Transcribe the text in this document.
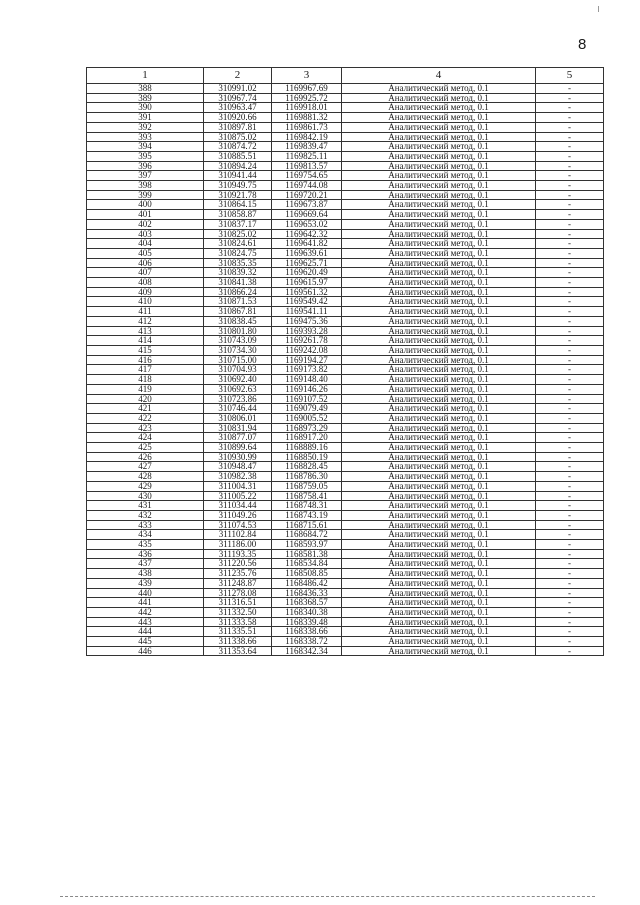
8
1	2	3	4	5
388	310991.02	1169967.69	Аналитический метод, 0.1	-
389	310967.74	1169925.72	Аналитический метод, 0.1	-
390	310963.47	1169918.01	Аналитический метод, 0.1	-
391	310920.66	1169881.32	Аналитический метод, 0.1	-
392	310897.81	1169861.73	Аналитический метод, 0.1	-
393	310875.02	1169842.19	Аналитический метод, 0.1	-
394	310874.72	1169839.47	Аналитический метод, 0.1	-
395	310885.51	1169825.11	Аналитический метод, 0.1	-
396	310894.24	1169813.57	Аналитический метод, 0.1	-
397	310941.44	1169754.65	Аналитический метод, 0.1	-
398	310949.75	1169744.08	Аналитический метод, 0.1	-
399	310921.78	1169720.21	Аналитический метод, 0.1	-
400	310864.15	1169673.87	Аналитический метод, 0.1	-
401	310858.87	1169669.64	Аналитический метод, 0.1	-
402	310837.17	1169653.02	Аналитический метод, 0.1	-
403	310825.02	1169642.32	Аналитический метод, 0.1	-
404	310824.61	1169641.82	Аналитический метод, 0.1	-
405	310824.75	1169639.61	Аналитический метод, 0.1	-
406	310835.35	1169625.71	Аналитический метод, 0.1	-
407	310839.32	1169620.49	Аналитический метод, 0.1	-
408	310841.38	1169615.97	Аналитический метод, 0.1	-
409	310866.24	1169561.32	Аналитический метод, 0.1	-
410	310871.53	1169549.42	Аналитический метод, 0.1	-
411	310867.81	1169541.11	Аналитический метод, 0.1	-
412	310838.45	1169475.36	Аналитический метод, 0.1	-
413	310801.80	1169393.28	Аналитический метод, 0.1	-
414	310743.09	1169261.78	Аналитический метод, 0.1	-
415	310734.30	1169242.08	Аналитический метод, 0.1	-
416	310715.00	1169194.27	Аналитический метод, 0.1	-
417	310704.93	1169173.82	Аналитический метод, 0.1	-
418	310692.40	1169148.40	Аналитический метод, 0.1	-
419	310692.63	1169146.26	Аналитический метод, 0.1	-
420	310723.86	1169107.52	Аналитический метод, 0.1	-
421	310746.44	1169079.49	Аналитический метод, 0.1	-
422	310806.01	1169005.52	Аналитический метод, 0.1	-
423	310831.94	1168973.29	Аналитический метод, 0.1	-
424	310877.07	1168917.20	Аналитический метод, 0.1	-
425	310899.64	1168889.16	Аналитический метод, 0.1	-
426	310930.99	1168850.19	Аналитический метод, 0.1	-
427	310948.47	1168828.45	Аналитический метод, 0.1	-
428	310982.38	1168786.30	Аналитический метод, 0.1	-
429	311004.31	1168759.05	Аналитический метод, 0.1	-
430	311005.22	1168758.41	Аналитический метод, 0.1	-
431	311034.44	1168748.31	Аналитический метод, 0.1	-
432	311049.26	1168743.19	Аналитический метод, 0.1	-
433	311074.53	1168715.61	Аналитический метод, 0.1	-
434	311102.84	1168684.72	Аналитический метод, 0.1	-
435	311186.00	1168593.97	Аналитический метод, 0.1	-
436	311193.35	1168581.38	Аналитический метод, 0.1	-
437	311220.56	1168534.84	Аналитический метод, 0.1	-
438	311235.76	1168508.85	Аналитический метод, 0.1	-
439	311248.87	1168486.42	Аналитический метод, 0.1	-
440	311278.08	1168436.33	Аналитический метод, 0.1	-
441	311316.51	1168368.57	Аналитический метод, 0.1	-
442	311332.50	1168340.38	Аналитический метод, 0.1	-
443	311333.58	1168339.48	Аналитический метод, 0.1	-
444	311335.51	1168338.66	Аналитический метод, 0.1	-
445	311338.66	1168338.72	Аналитический метод, 0.1	-
446	311353.64	1168342.34	Аналитический метод, 0.1	-
